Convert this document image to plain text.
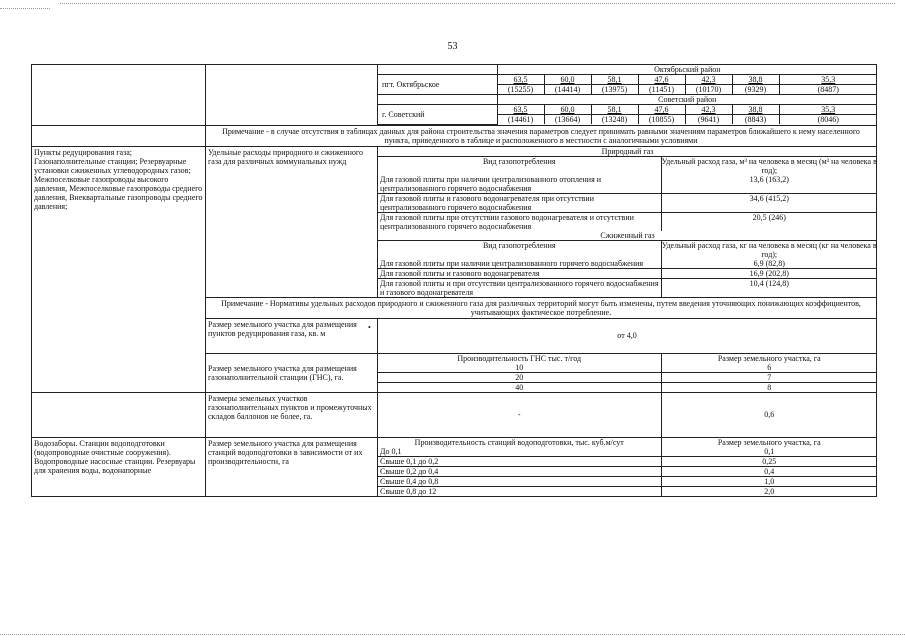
53

	Октябрьский район
пгт. Октябрьское	63,5	60,0	58,1	47,6	42,3	38,8	35,3
(15255)	(14414)	(13975)	(11451)	(10170)	(9329)	(8487)
	Советский район
г. Советский	63,5	60,0	58,1	47,6	42,3	38,8	35,3
(14461)	(13664)	(13248)	(10855)	(9641)	(8843)	(8046)

	Примечание - в случае отсутствия в таблицах данных для района строительства значения параметров следует принимать равными значениям параметров ближайшего к нему населенного пункта, приведенного в таблице и расположенного в местности с аналогичными условиями
Пункты редуцирования газа; Газонаполнительные станции; Резервуарные установки сжиженных углеводородных газов; Межпоселковые газопроводы высокого давления, Межпоселковые газопроводы среднего давления, Внеквартальные газопроводы среднего давления;	Удельные расходы природного и сжиженного газа для различных коммунальных нужд	
Природный газ
Вид газопотребления	Удельный расход газа, м³ на человека в месяц (м³ на человека в год);
Для газовой плиты при наличии централизованного отопления и централизованного горячего водоснабжения	13,6 (163,2)
Для газовой плиты и газового водонагревателя при отсутствии централизованного горячего водоснабжения	34,6 (415,2)
Для газовой плиты при отсутствии газового водонагревателя и отсутствии централизованного горячего водоснабжения	20,5 (246)
Сжиженный газ
Вид газопотребления	Удельный расход газа, кг на человека в месяц (кг на человека в год);
Для газовой плиты при наличии централизованного горячего водоснабжения	6,9 (82,8)
Для газовой плиты и газового водонагревателя	16,9 (202,8)
Для газовой плиты и при отсутствии централизованного горячего водоснабжения и газового водонагревателя	10,4 (124,8)

Примечание - Нормативы удельных расходов природного и сжиженного газа для различных территорий могут быть изменены, путем введения уточняющих понижающих коэффициентов, учитывающих фактическое потребление.
Размер земельного участка для размещения пунктов редуцирования газа, кв. м	от 4,0
Размер земельного участка для размещения газонаполнительной станции (ГНС), га.	
Производительность ГНС тыс. т/год	Размер земельного участка, га
10	6
20	7
40	8

	Размеры земельных участков газонаполнительных пунктов и промежуточных складов баллонов не более, га.		-	0,6

Водозаборы. Станции водоподготовки (водопроводные очистные сооружения). Водопроводные насосные станции. Резервуары для хранения воды, водонапорные	Размер земельного участка для размещения станций водоподготовки в зависимости от их производительности, га	
Производительность станций водоподготовки, тыс. куб.м/сут	Размер земельного участка, га
До 0,1	0,1
Свыше 0,1 до 0,2	0,25
Свыше 0,2 до 0,4	0,4
Свыше 0,4 до 0,8	1,0
Свыше 0,8 до 12	2,0
•
